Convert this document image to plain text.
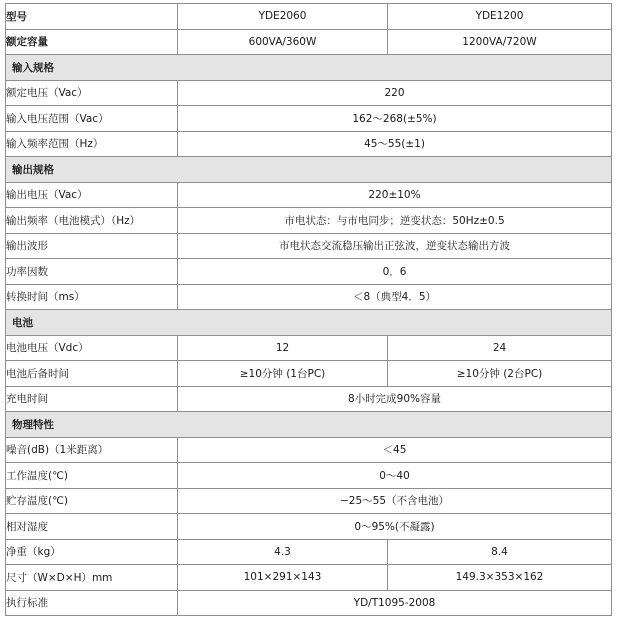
型号	YDE2060	YDE1200
额定容量	600VA/360W	1200VA/720W
输入规格		
额定电压（Vac）	220	
输入电压范围（Vac）	162～268(±5%)	
输入频率范围（Hz）	45～55(±1)	
输出规格		
输出电压（Vac）	220±10%	
输出频率（电池模式）（Hz）	市电状态：与市电同步；逆变状态：50Hz±0.5	
输出波形	市电状态交流稳压输出正弦波，逆变状态输出方波	
功率因数	0．6	
转换时间（ms）	＜8（典型4．5）	
电池		
电池电压（Vdc）	12	24
电池后备时间	≥10分钟 (1台PC)	≥10分钟 (2台PC)
充电时间	8小时完成90%容量	
物理特性		
噪音(dB)（1米距离）	＜45	
工作温度(℃)	0～40	
贮存温度(℃)	−25～55（不含电池）	
相对湿度	0～95%(不凝露)	
净重（kg）	4.3	8.4
尺寸（W×D×H）mm	101×291×143	149.3×353×162
执行标准	YD/T1095-2008	
